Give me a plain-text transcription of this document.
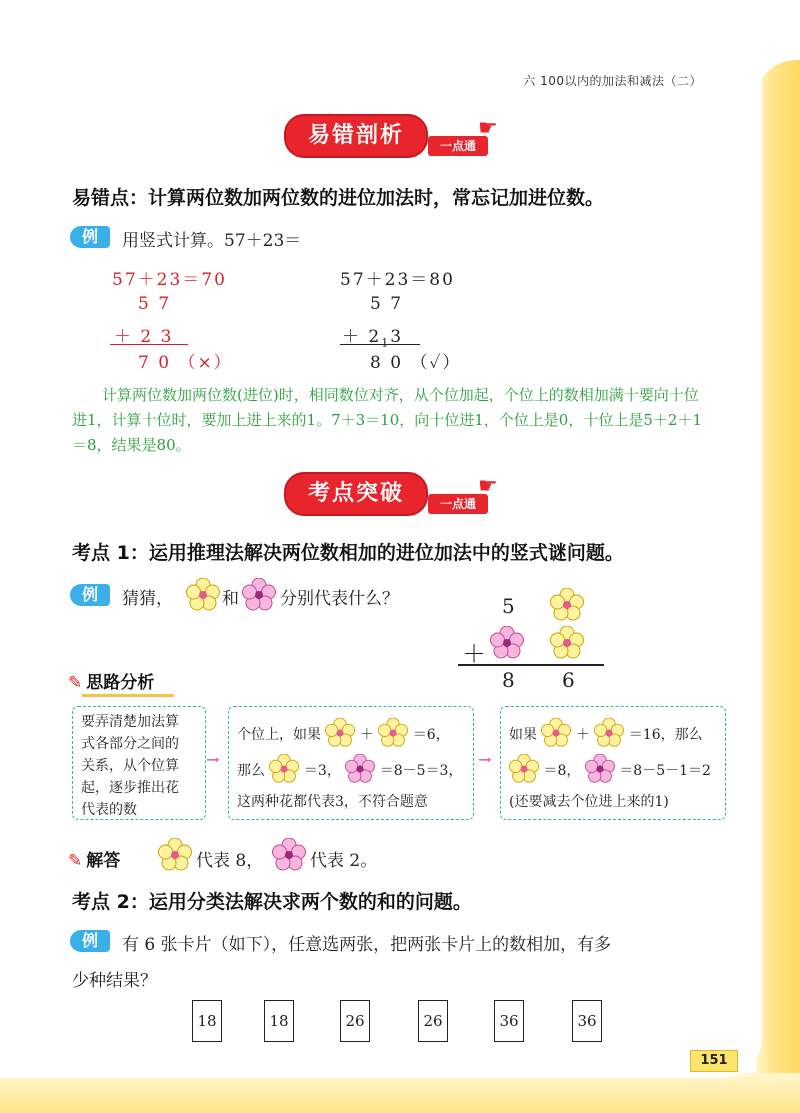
六 100以内的加法和减法（二）
易错剖析	一点通
☛
易错点：计算两位数加两位数的进位加法时，常忘记加进位数。
例	用竖式计算。57＋23＝
57＋23＝70
5 7
＋ 2 3
7 0 （×）
57＋23＝80
5 7
＋ $2_13$
8 0 （✓）
计算两位数加两位数(进位)时，相同数位对齐，从个位加起，个位上的数相加满十要向十位进1，计算十位时，要加上进上来的1。7＋3＝10，向十位进1，个位上是0，十位上是5＋2＋1＝8，结果是80。
考点突破	一点通
☛
考点 1：运用推理法解决两位数相加的进位加法中的竖式谜问题。
例	猜猜，	和 分别代表什么？	5
＋
8 6
✎ 思路分析
要弄清楚加法算
式各部分之间的
关系，从个位算
起，逐步推出花
代表的数
→
个位上，如果	＋	＝6，
那么	＝3，	＝8－5＝3，
这两种花都代表3，不符合题意
→
如果	＋	＝16，那么
＝8，	＝8－5－1＝2
(还要减去个位进上来的1)
✎ 解答	代表 8，	代表 2。
考点 2：运用分类法解决求两个数的和的问题。
例	有 6 张卡片（如下），任意选两张，把两张卡片上的数相加，有多
少种结果？
18	18	26	26	36	36
151
